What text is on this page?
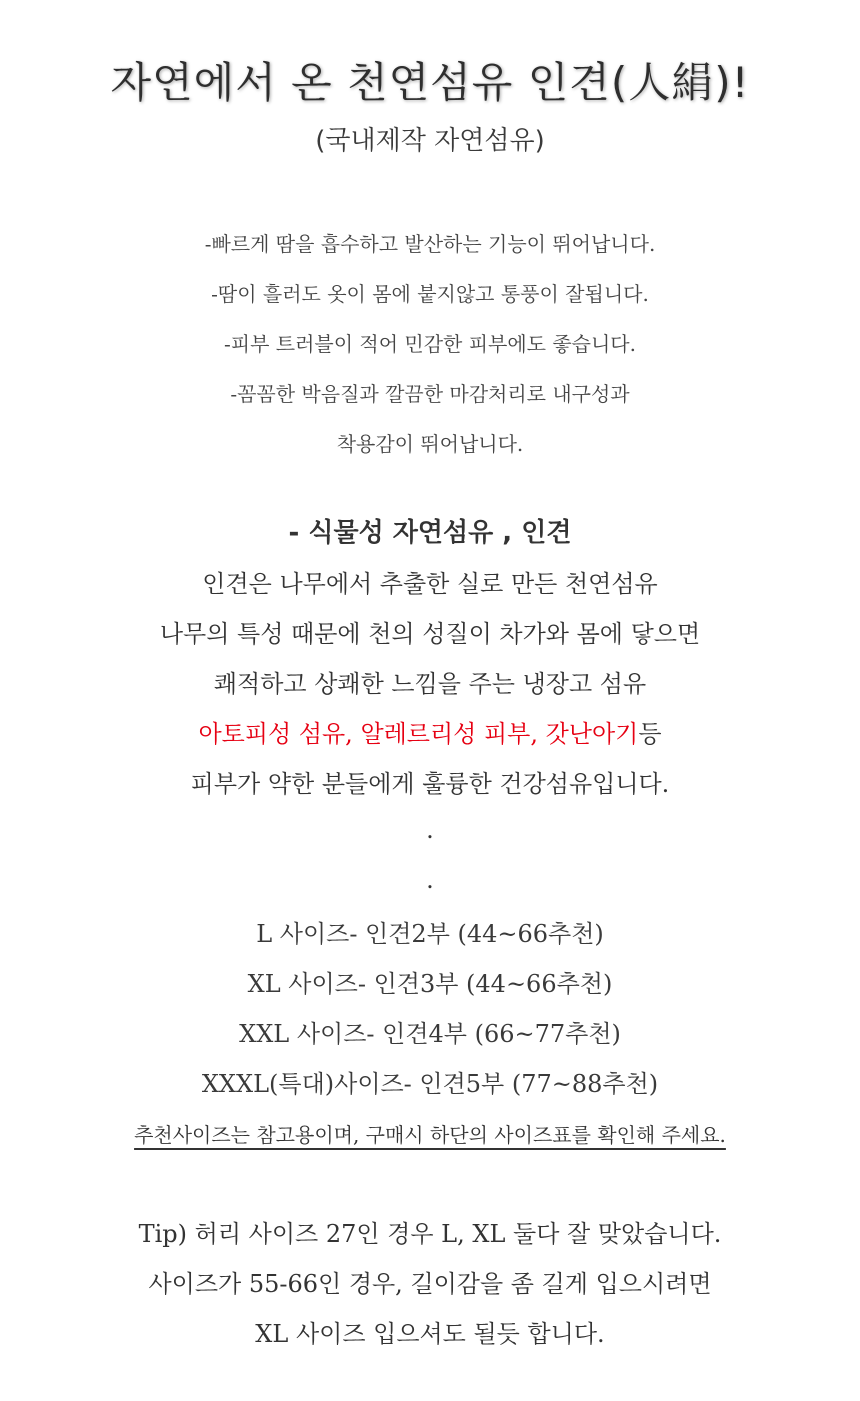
자연에서 온 천연섬유 인견(人絹)!
(국내제작 자연섬유)
-빠르게 땀을 흡수하고 발산하는 기능이 뛰어납니다.
-땀이 흘러도 옷이 몸에 붙지않고 통풍이 잘됩니다.
-피부 트러블이 적어 민감한 피부에도 좋습니다.
-꼼꼼한 박음질과 깔끔한 마감처리로 내구성과
착용감이 뛰어납니다.
- 식물성 자연섬유 , 인견
인견은 나무에서 추출한 실로 만든 천연섬유
나무의 특성 때문에 천의 성질이 차가와 몸에 닿으면
쾌적하고 상쾌한 느낌을 주는 냉장고 섬유
아토피성 섬유, 알레르리성 피부, 갓난아기등
피부가 약한 분들에게 훌륭한 건강섬유입니다.
.
.
L 사이즈- 인견2부 (44~66추천)
XL 사이즈- 인견3부 (44~66추천)
XXL 사이즈- 인견4부 (66~77추천)
XXXL(특대)사이즈- 인견5부 (77~88추천)
추천사이즈는 참고용이며, 구매시 하단의 사이즈표를 확인해 주세요.
Tip) 허리 사이즈 27인 경우 L, XL 둘다 잘 맞았습니다.
사이즈가 55-66인 경우, 길이감을 좀 길게 입으시려면
XL 사이즈 입으셔도 될듯 합니다.
